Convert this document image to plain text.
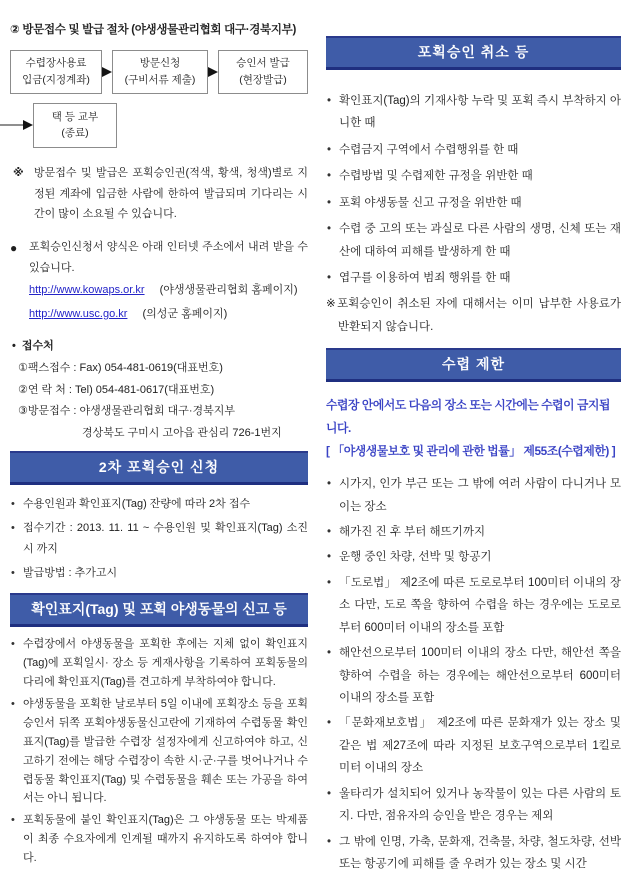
② 방문접수 및 발급 절차 (야생생물관리협회 대구·경북지부)
수렵장사용료
입금(지정계좌)
방문신청
(구비서류 제출)
승인서 발급
(현장발급)
택 등 교부
(종료)
※ 방문접수 및 발급은 포획승인권(적색, 황색, 청색)별로 지정된 계좌에 입금한 사람에 한하여 발급되며 기다리는 시간이 많이 소요될 수 있습니다.
● 포획승인신청서 양식은 아래 인터넷 주소에서 내려 받을 수 있습니다.
http://www.kowaps.or.kr (야생생물관리협회 홈페이지)
http://www.usc.go.kr (의성군 홈페이지)
• 접수처
①팩스접수 : Fax) 054-481-0619(대표번호)
②연 락 처 : Tel) 054-481-0617(대표번호)
③방문접수 : 야생생물관리협회 대구·경북지부
경상북도 구미시 고아읍 관심리 726-1번지
2차 포획승인 신청
• 수용인원과 확인표지(Tag) 잔량에 따라 2차 접수
• 접수기간 : 2013. 11. 11 ~ 수용인원 및 확인표지(Tag) 소진 시 까지
• 발급방법 : 추가고시
확인표지(Tag) 및 포획 야생동물의 신고 등
• 수렵장에서 야생동물을 포획한 후에는 지체 없이 확인표지(Tag)에 포획일시· 장소 등 게재사항을 기록하여 포획동물의 다리에 확인표지(Tag)를 견고하게 부착하여야 합니다.
• 야생동물을 포획한 날로부터 5일 이내에 포획장소 등을 포획승인서 뒤쪽 포획야생동물신고란에 기재하여 수렵동물 확인표지(Tag)를 발급한 수렵장 설정자에게 신고하여야 하고, 신고하기 전에는 해당 수렵장이 속한 시·군·구를 벗어나거나 수렵동물 확인표지(Tag) 및 수렵동물을 훼손 또는 가공을 하여서는 아니 됩니다.
• 포획동물에 붙인 확인표지(Tag)은 그 야생동물 또는 박제품이 최종 수요자에게 인계될 때까지 유지하도록 하여야 합니다.
포획승인 취소 등
• 확인표지(Tag)의 기재사항 누락 및 포획 즉시 부착하지 아니한 때
• 수렵금지 구역에서 수렵행위를 한 때
• 수렵방법 및 수렵제한 규정을 위반한 때
• 포획 야생동물 신고 규정을 위반한 때
• 수렵 중 고의 또는 과실로 다른 사람의 생명, 신체 또는 재산에 대하여 피해를 발생하게 한 때
• 엽구를 이용하여 범죄 행위를 한 때
※포획승인이 취소된 자에 대해서는 이미 납부한 사용료가 반환되지 않습니다.
수렵 제한
수렵장 안에서도 다음의 장소 또는 시간에는 수렵이 금지됩니다.
[ 「야생생물보호 및 관리에 관한 법률」 제55조(수렵제한) ]
• 시가지, 인가 부근 또는 그 밖에 여러 사람이 다니거나 모이는 장소
• 해가진 진 후 부터 해뜨기까지
• 운행 중인 차량, 선박 및 항공기
• 「도로법」 제2조에 따른 도로로부터 100미터 이내의 장소 다만, 도로 쪽을 향하여 수렵을 하는 경우에는 도로로부터 600미터 이내의 장소를 포함
• 해안선으로부터 100미터 이내의 장소 다만, 해안선 쪽을 향하여 수렵을 하는 경우에는 해안선으로부터 600미터 이내의 장소를 포함
• 「문화재보호법」 제2조에 따른 문화재가 있는 장소 및 같은 법 제27조에 따라 지정된 보호구역으로부터 1킬로미터 이내의 장소
• 울타리가 설치되어 있거나 농작물이 있는 다른 사람의 토지. 다만, 점유자의 승인을 받은 경우는 제외
• 그 밖에 인명, 가축, 문화재, 건축물, 차량, 철도차량, 선박 또는 항공기에 피해를 줄 우려가 있는 장소 및 시간
